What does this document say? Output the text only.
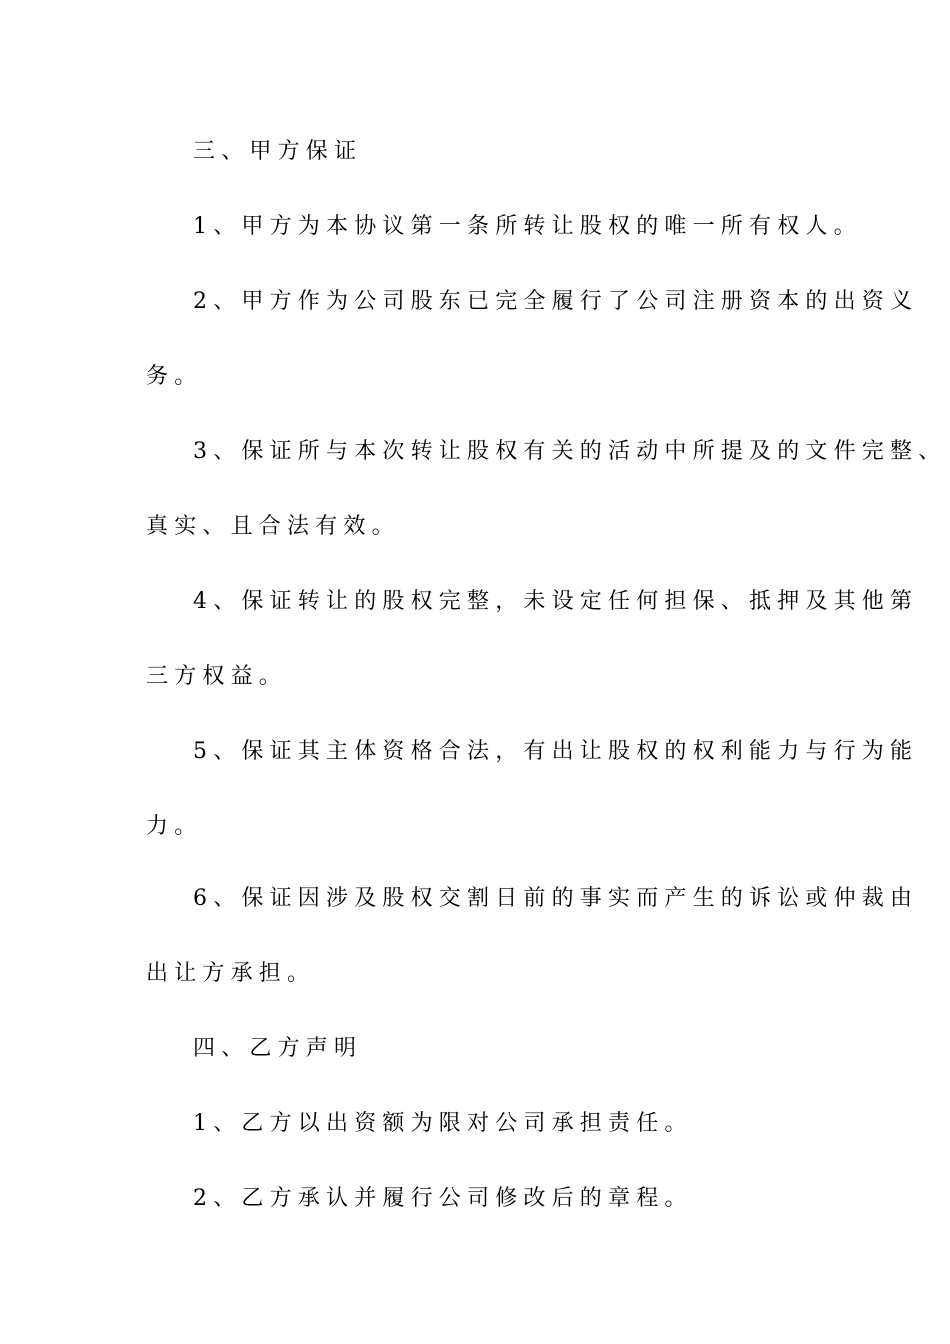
三、甲方保证
1、甲方为本协议第一条所转让股权的唯一所有权人。
2、甲方作为公司股东已完全履行了公司注册资本的出资义
务。
3、保证所与本次转让股权有关的活动中所提及的文件完整、
真实、且合法有效。
4、保证转让的股权完整，未设定任何担保、抵押及其他第
三方权益。
5、保证其主体资格合法，有出让股权的权利能力与行为能
力。
6、保证因涉及股权交割日前的事实而产生的诉讼或仲裁由
出让方承担。
四、乙方声明
1、乙方以出资额为限对公司承担责任。
2、乙方承认并履行公司修改后的章程。
